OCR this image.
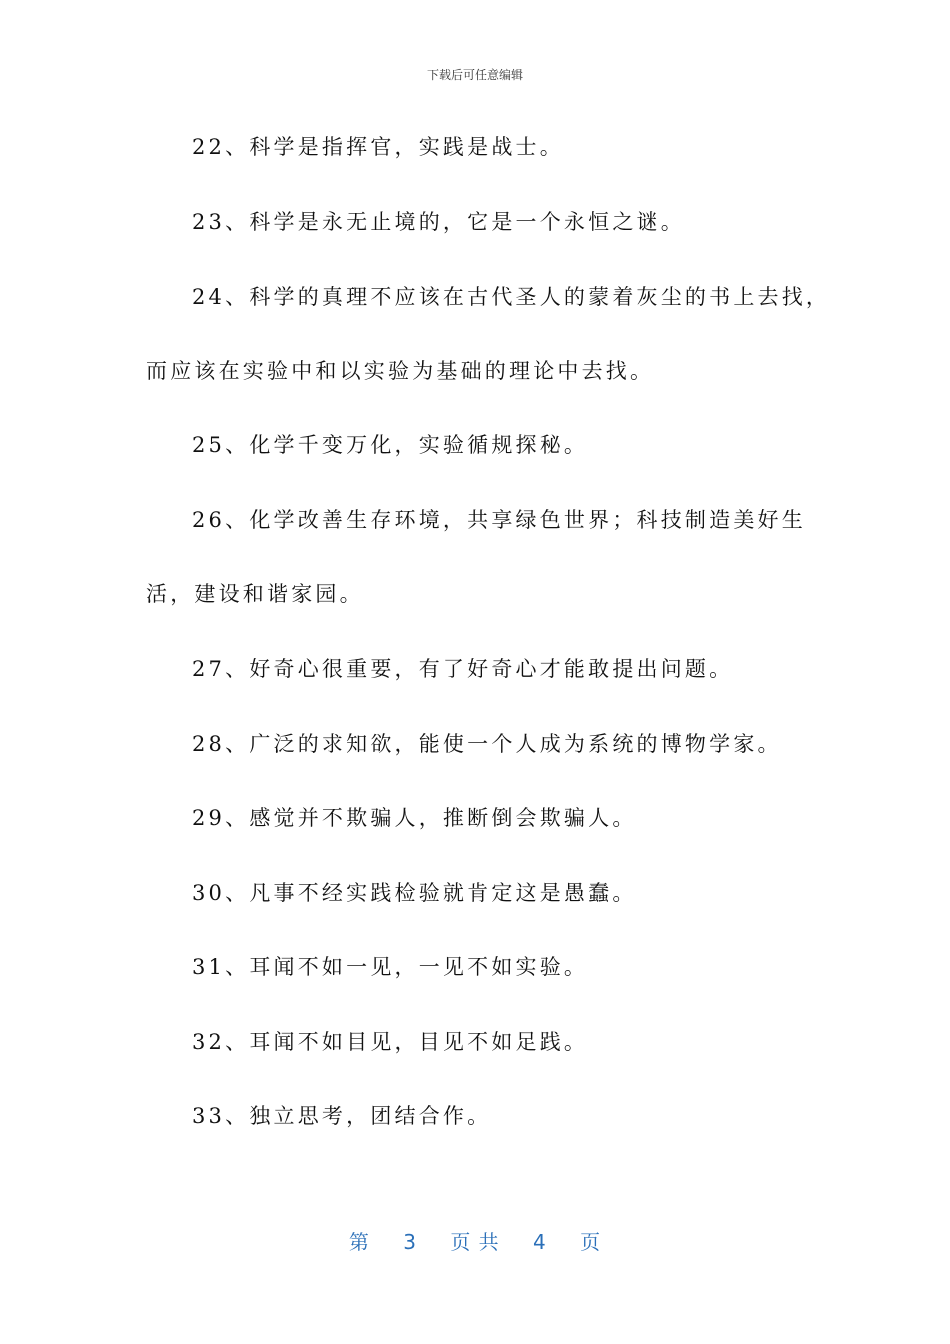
下载后可任意编辑
22、科学是指挥官，实践是战士。
23、科学是永无止境的，它是一个永恒之谜。
24、科学的真理不应该在古代圣人的蒙着灰尘的书上去找，
而应该在实验中和以实验为基础的理论中去找。
25、化学千变万化，实验循规探秘。
26、化学改善生存环境，共享绿色世界；科技制造美好生
活，建设和谐家园。
27、好奇心很重要，有了好奇心才能敢提出问题。
28、广泛的求知欲，能使一个人成为系统的博物学家。
29、感觉并不欺骗人，推断倒会欺骗人。
30、凡事不经实践检验就肯定这是愚蠢。
31、耳闻不如一见，一见不如实验。
32、耳闻不如目见，目见不如足践。
33、独立思考，团结合作。
第 3 页 共 4 页
